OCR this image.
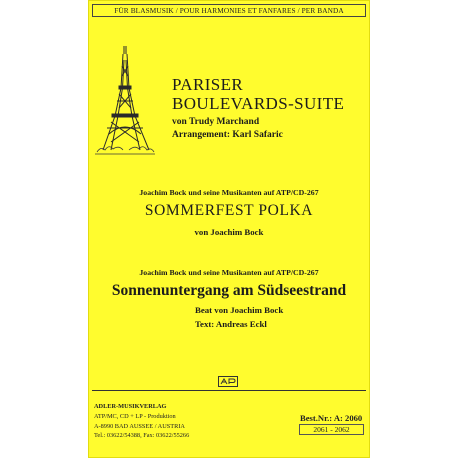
FÜR BLASMUSIK / POUR HARMONIES ET FANFARES / PER BANDA
PARISER
BOULEVARDS-SUITE
von Trudy Marchand
Arrangement: Karl Safaric
Joachim Bock und seine Musikanten auf ATP/CD-267
SOMMERFEST POLKA
von Joachim Bock
Joachim Bock und seine Musikanten auf ATP/CD-267
Sonnenuntergang am Südseestrand
Beat von Joachim Bock
Text: Andreas Eckl
ADLER-MUSIKVERLAG
ATP/MC, CD + LP - Produktion
A-8990 BAD AUSSEE / AUSTRIA
Tel.: 03622/54388, Fax: 03622/55266
Best.Nr.: A: 2060
2061 - 2062
